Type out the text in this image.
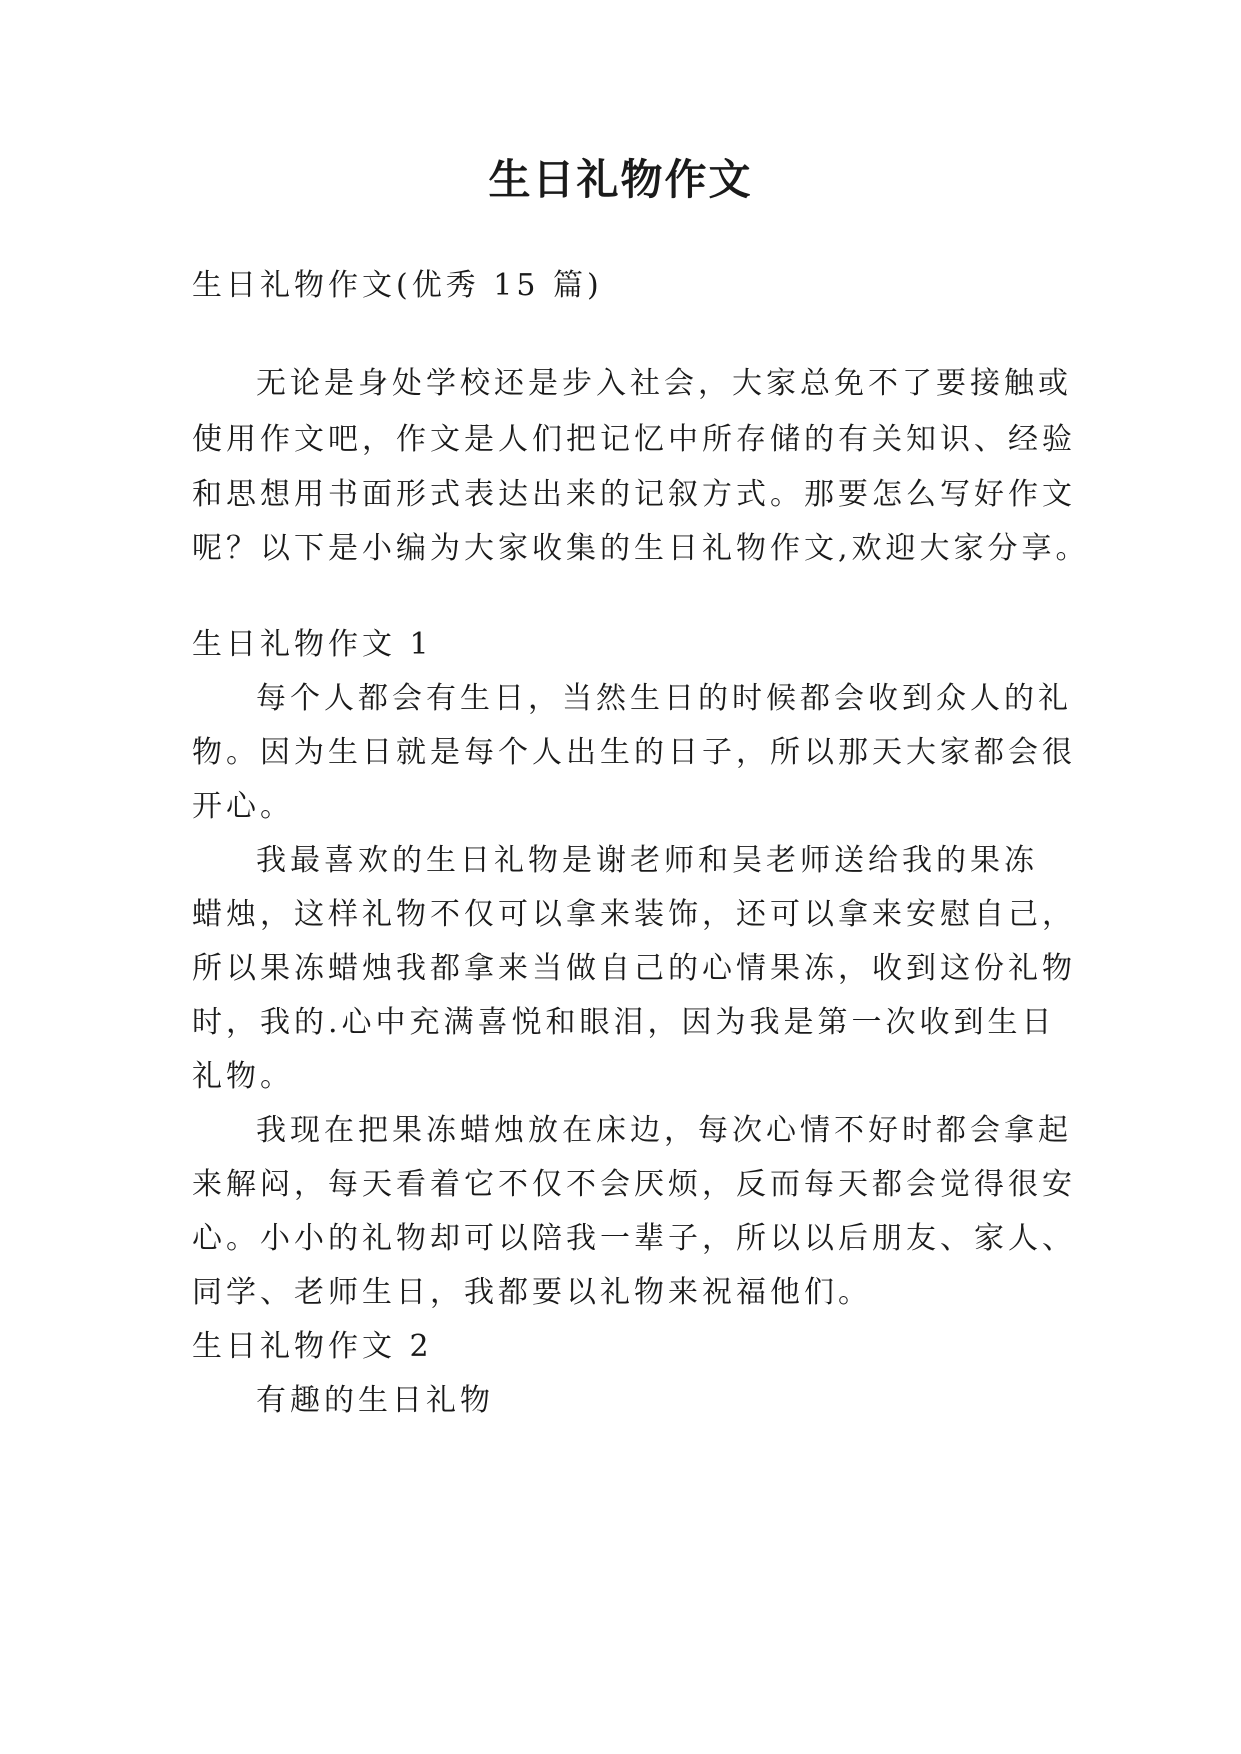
生日礼物作文

生日礼物作文(优秀 15 篇)

无论是身处学校还是步入社会，大家总免不了要接触或

使用作文吧，作文是人们把记忆中所存储的有关知识、经验

和思想用书面形式表达出来的记叙方式。那要怎么写好作文

呢？以下是小编为大家收集的生日礼物作文,欢迎大家分享。

生日礼物作文 1

每个人都会有生日，当然生日的时候都会收到众人的礼

物。因为生日就是每个人出生的日子，所以那天大家都会很

开心。

我最喜欢的生日礼物是谢老师和吴老师送给我的果冻

蜡烛，这样礼物不仅可以拿来装饰，还可以拿来安慰自己，

所以果冻蜡烛我都拿来当做自己的心情果冻，收到这份礼物

时，我的.心中充满喜悦和眼泪，因为我是第一次收到生日

礼物。

我现在把果冻蜡烛放在床边，每次心情不好时都会拿起

来解闷，每天看着它不仅不会厌烦，反而每天都会觉得很安

心。小小的礼物却可以陪我一辈子，所以以后朋友、家人、

同学、老师生日，我都要以礼物来祝福他们。

生日礼物作文 2

有趣的生日礼物
